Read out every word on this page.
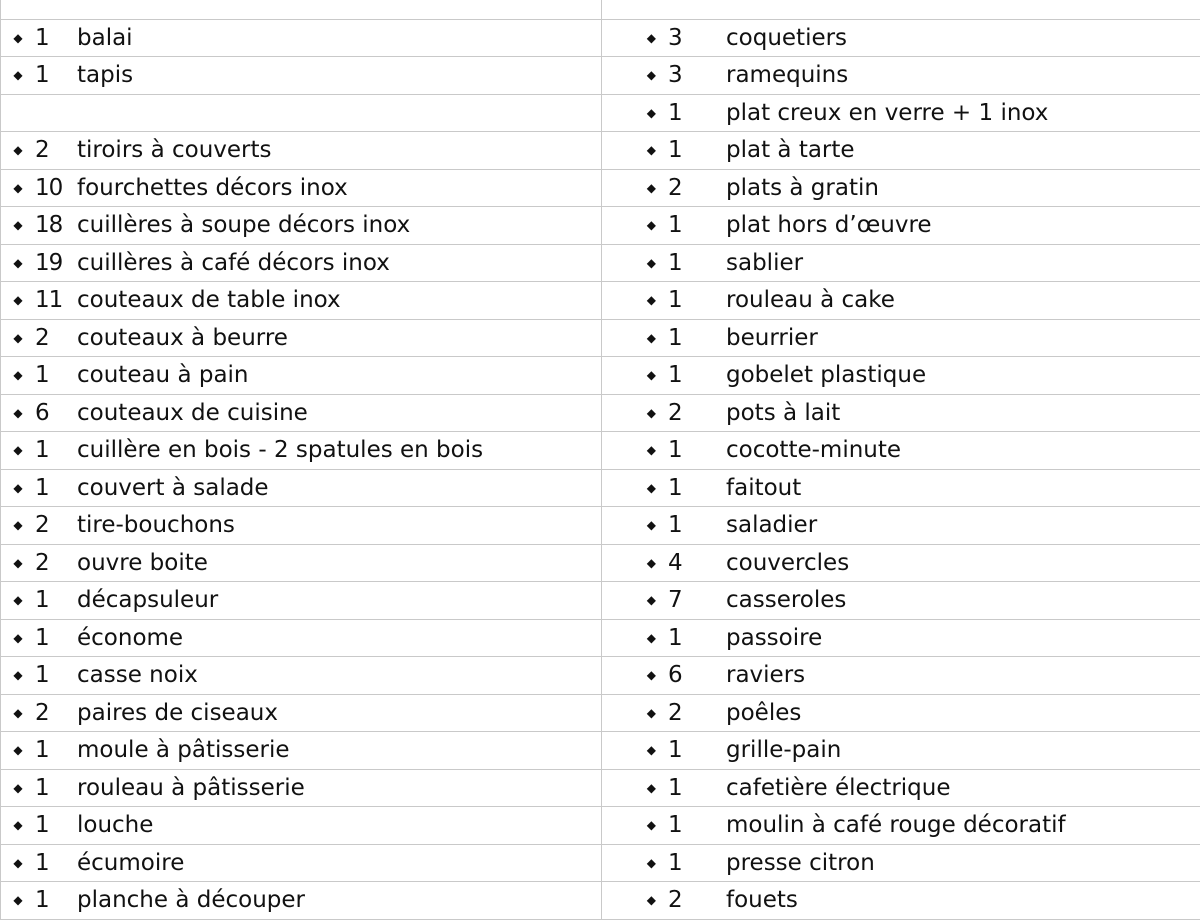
◆ 1 balai	◆ 3 coquetiers

◆ 1 tapis	◆ 3 ramequins

	◆ 1 plat creux en verre + 1 inox

◆ 2 tiroirs à couverts	◆ 1 plat à tarte

◆ 10 fourchettes décors inox	◆ 2 plats à gratin

◆ 18 cuillères à soupe décors inox	◆ 1 plat hors d’œuvre

◆ 19 cuillères à café décors inox	◆ 1 sablier

◆ 11 couteaux de table inox	◆ 1 rouleau à cake

◆ 2 couteaux à beurre	◆ 1 beurrier

◆ 1 couteau à pain	◆ 1 gobelet plastique

◆ 6 couteaux de cuisine	◆ 2 pots à lait

◆ 1 cuillère en bois - 2 spatules en bois	◆ 1 cocotte-minute

◆ 1 couvert à salade	◆ 1 faitout

◆ 2 tire-bouchons	◆ 1 saladier

◆ 2 ouvre boite	◆ 4 couvercles

◆ 1 décapsuleur	◆ 7 casseroles

◆ 1 économe	◆ 1 passoire

◆ 1 casse noix	◆ 6 raviers

◆ 2 paires de ciseaux	◆ 2 poêles

◆ 1 moule à pâtisserie	◆ 1 grille-pain

◆ 1 rouleau à pâtisserie	◆ 1 cafetière électrique

◆ 1 louche	◆ 1 moulin à café rouge décoratif

◆ 1 écumoire	◆ 1 presse citron

◆ 1 planche à découper	◆ 2 fouets
